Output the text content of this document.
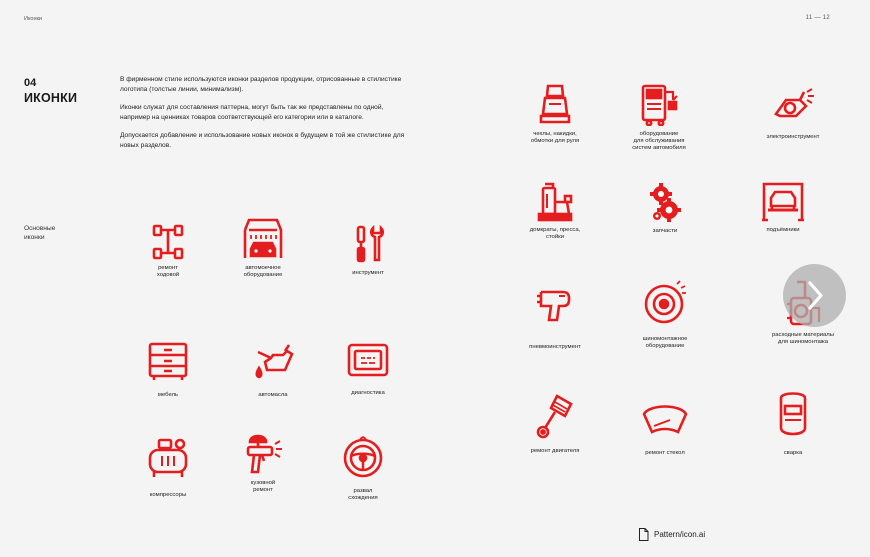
Иконки	11 — 12
04
ИКОНКИ

В фирменном стиле используются иконки разделов продукции, отрисованные в стилистике логотипа (толстые линии, минимализм).

Иконки служат для составления паттерна, могут быть так же представлены по одной, например на ценниках товаров соответствующей его категории или в каталоге.

Допускается добавление и использование новых иконок в будущем в той же стилистике для новых разделов.

Основные
иконки
ремонт
ходовой
автомоечное
оборудование	инструмент
мебель	автомасла	диагностика
компрессоры
кузовной
ремонт	развал
схождения
чехлы, накидки,
обмотки для руля
оборудование
для обслуживания
систем автомобиля
электроинструмент
домкраты, пресса,
стойки
запчасти	подъёмники
пневмоинструмент
шиномонтажное
оборудование
расходные материалы
для шиномонтажа
ремонт двигателя	ремонт стекол	сварка
Pattern/icon.ai
